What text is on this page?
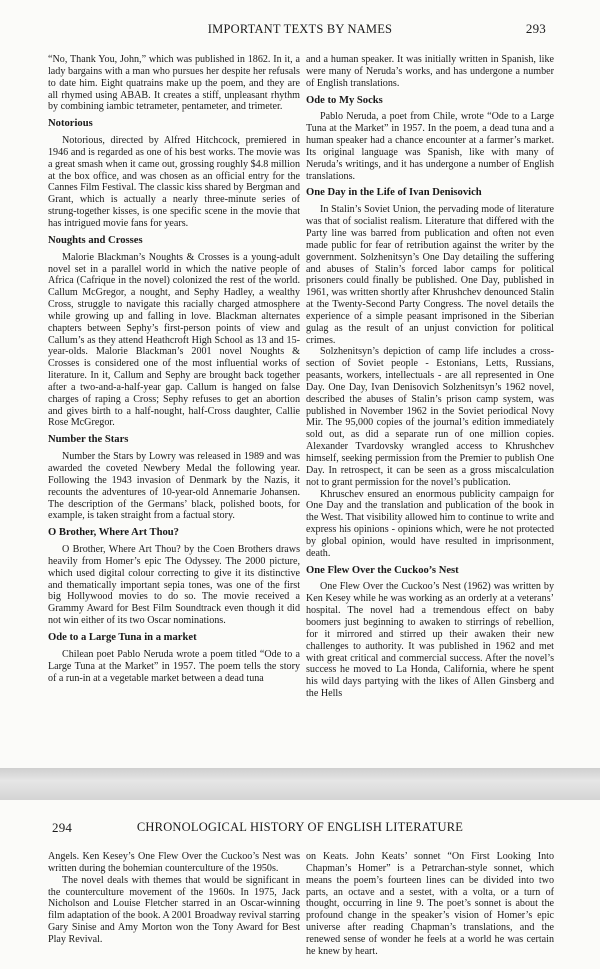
IMPORTANT TEXTS BY NAMES	293

“No, Thank You, John,” which was published in 1862. In it, a lady bargains with a man who pursues her despite her refusals to date him. Eight quatrains make up the poem, and they are all rhymed using ABAB. It creates a stiff, unpleasant rhythm by combining iambic tetrameter, pentameter, and trimeter.

Notorious

Notorious, directed by Alfred Hitchcock, premiered in 1946 and is regarded as one of his best works. The movie was a great smash when it came out, grossing roughly $4.8 million at the box office, and was chosen as an official entry for the Cannes Film Festival. The classic kiss shared by Bergman and Grant, which is actually a nearly three-minute series of strung-together kisses, is one specific scene in the movie that has intrigued movie fans for years.

Noughts and Crosses

Malorie Blackman’s Noughts & Crosses is a young-adult novel set in a parallel world in which the native people of Africa (Cafrique in the novel) colonized the rest of the world. Callum McGregor, a nought, and Sephy Hadley, a wealthy Cross, struggle to navigate this racially charged atmosphere while growing up and falling in love. Blackman alternates chapters between Sephy’s first-person points of view and Callum’s as they attend Heathcroft High School as 13 and 15-year-olds. Malorie Blackman’s 2001 novel Noughts & Crosses is considered one of the most influential works of literature. In it, Callum and Sephy are brought back together after a two-and-a-half-year gap. Callum is hanged on false charges of raping a Cross; Sephy refuses to get an abortion and gives birth to a half-nought, half-Cross daughter, Callie Rose McGregor.

Number the Stars

Number the Stars by Lowry was released in 1989 and was awarded the coveted Newbery Medal the following year. Following the 1943 invasion of Denmark by the Nazis, it recounts the adventures of 10-year-old Annemarie Johansen. The description of the Germans’ black, polished boots, for example, is taken straight from a factual story.

O Brother, Where Art Thou?

O Brother, Where Art Thou? by the Coen Brothers draws heavily from Homer’s epic The Odyssey. The 2000 picture, which used digital colour correcting to give it its distinctive and thematically important sepia tones, was one of the first big Hollywood movies to do so. The movie received a Grammy Award for Best Film Soundtrack even though it did not win either of its two Oscar nominations.

Ode to a Large Tuna in a market

Chilean poet Pablo Neruda wrote a poem titled “Ode to a Large Tuna at the Market” in 1957. The poem tells the story of a run-in at a vegetable market between a dead tuna

and a human speaker. It was initially written in Spanish, like were many of Neruda’s works, and has undergone a number of English translations.

Ode to My Socks

Pablo Neruda, a poet from Chile, wrote “Ode to a Large Tuna at the Market” in 1957. In the poem, a dead tuna and a human speaker had a chance encounter at a farmer’s market. Its original language was Spanish, like with many of Neruda’s writings, and it has undergone a number of English translations.

One Day in the Life of Ivan Denisovich

In Stalin’s Soviet Union, the pervading mode of literature was that of socialist realism. Literature that differed with the Party line was barred from publication and often not even made public for fear of retribution against the writer by the government. Solzhenitsyn’s One Day detailing the suffering and abuses of Stalin’s forced labor camps for political prisoners could finally be published. One Day, published in 1961, was written shortly after Khrushchev denounced Stalin at the Twenty-Second Party Congress. The novel details the experience of a simple peasant imprisoned in the Siberian gulag as the result of an unjust conviction for political crimes.

Solzhenitsyn’s depiction of camp life includes a cross-section of Soviet people - Estonians, Letts, Russians, peasants, workers, intellectuals - are all represented in One Day. One Day, Ivan Denisovich Solzhenitsyn’s 1962 novel, described the abuses of Stalin’s prison camp system, was published in November 1962 in the Soviet periodical Novy Mir. The 95,000 copies of the journal’s edition immediately sold out, as did a separate run of one million copies. Alexander Tvardovsky wrangled access to Khrushchev himself, seeking permission from the Premier to publish One Day. In retrospect, it can be seen as a gross miscalculation not to grant permission for the novel’s publication.

Khruschev ensured an enormous publicity campaign for One Day and the translation and publication of the book in the West. That visibility allowed him to continue to write and express his opinions - opinions which, were he not protected by global opinion, would have resulted in imprisonment, death.

One Flew Over the Cuckoo’s Nest

One Flew Over the Cuckoo’s Nest (1962) was written by Ken Kesey while he was working as an orderly at a veterans’ hospital. The novel had a tremendous effect on baby boomers just beginning to awaken to stirrings of rebellion, for it mirrored and stirred up their awaken their new challenges to authority. It was published in 1962 and met with great critical and commercial success. After the novel’s success he moved to La Honda, California, where he spent his wild days partying with the likes of Allen Ginsberg and the Hells

294	CHRONOLOGICAL HISTORY OF ENGLISH LITERATURE

Angels. Ken Kesey’s One Flew Over the Cuckoo’s Nest was written during the bohemian counterculture of the 1950s.

The novel deals with themes that would be significant in the counterculture movement of the 1960s. In 1975, Jack Nicholson and Louise Fletcher starred in an Oscar-winning film adaptation of the book. A 2001 Broadway revival starring Gary Sinise and Amy Morton won the Tony Award for Best Play Revival.

on Keats. John Keats’ sonnet “On First Looking Into Chapman’s Homer” is a Petrarchan-style sonnet, which means the poem’s fourteen lines can be divided into two parts, an octave and a sestet, with a volta, or a turn of thought, occurring in line 9. The poet’s sonnet is about the profound change in the speaker’s vision of Homer’s epic universe after reading Chapman’s translations, and the renewed sense of wonder he feels at a world he was certain he knew by heart.
